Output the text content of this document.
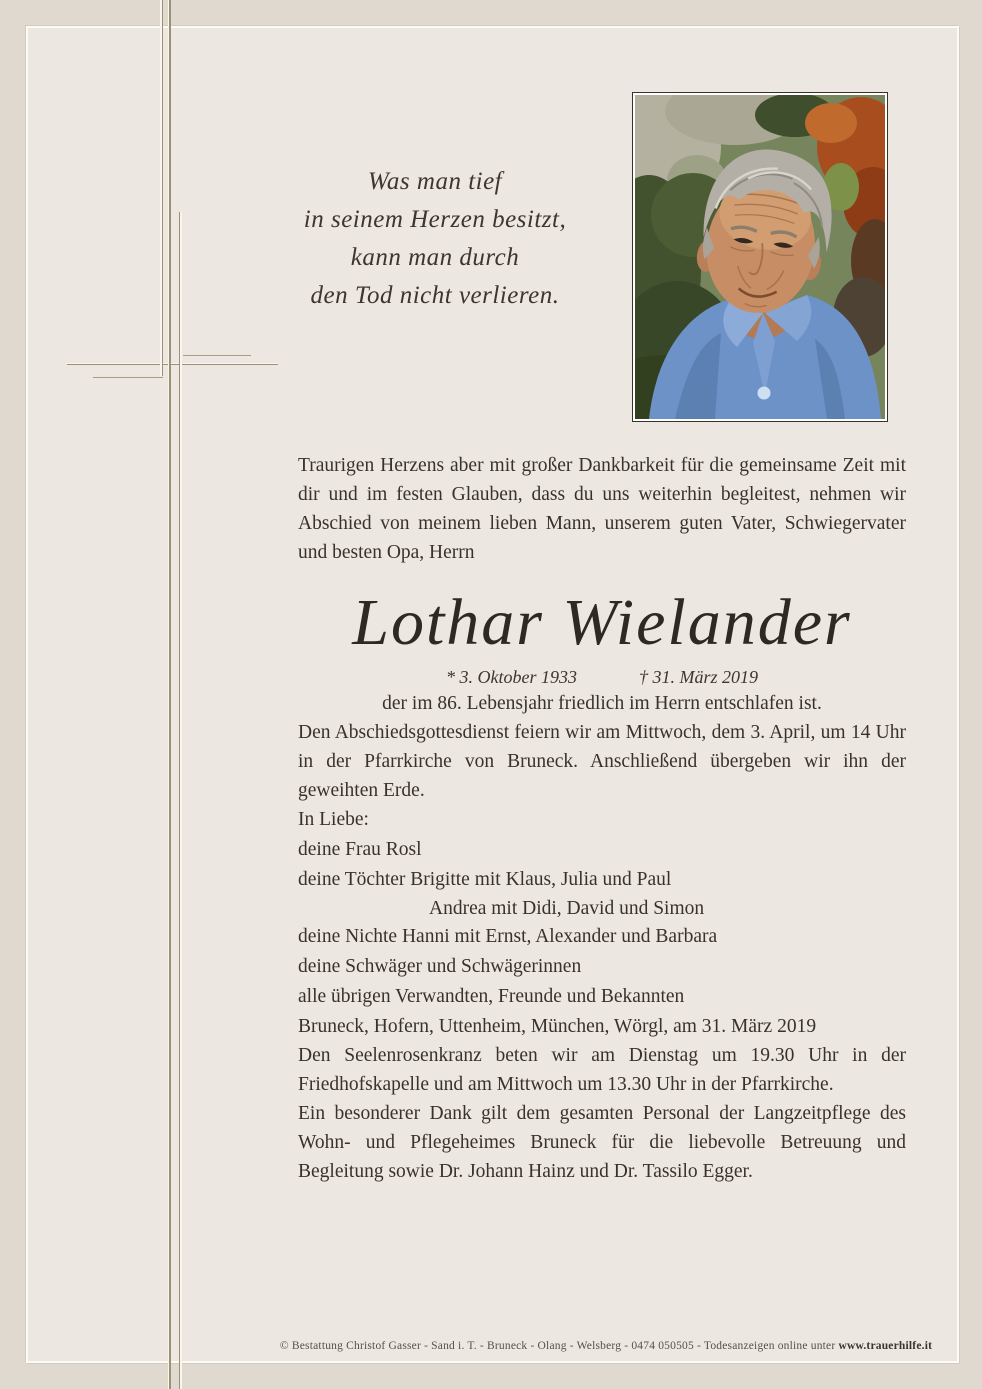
Was man tief
in seinem Herzen besitzt,
kann man durch
den Tod nicht verlieren.

Traurigen Herzens aber mit großer Dankbarkeit für die gemeinsame Zeit mit dir und im festen Glauben, dass du uns weiterhin begleitest, nehmen wir Abschied von meinem lieben Mann, unserem guten Vater, Schwiegervater und besten Opa, Herrn

Lothar Wielander
* 3. Oktober 1933	† 31. März 2019

der im 86. Lebensjahr friedlich im Herrn entschlafen ist.

Den Abschiedsgottesdienst feiern wir am Mittwoch, dem 3. April, um 14 Uhr in der Pfarrkirche von Bruneck. Anschließend übergeben wir ihn der geweihten Erde.

In Liebe:

deine Frau Rosl

deine Töchter Brigitte mit Klaus, Julia und Paul

Andrea mit Didi, David und Simon

deine Nichte Hanni mit Ernst, Alexander und Barbara

deine Schwäger und Schwägerinnen

alle übrigen Verwandten, Freunde und Bekannten

Bruneck, Hofern, Uttenheim, München, Wörgl, am 31. März 2019

Den Seelenrosenkranz beten wir am Dienstag um 19.30 Uhr in der Friedhofskapelle und am Mittwoch um 13.30 Uhr in der Pfarrkirche.

Ein besonderer Dank gilt dem gesamten Personal der Langzeitpflege des Wohn- und Pflegeheimes Bruneck für die liebevolle Betreuung und Begleitung sowie Dr. Johann Hainz und Dr. Tassilo Egger.

© Bestattung Christof Gasser - Sand i. T. - Bruneck - Olang - Welsberg - 0474 050505 - Todesanzeigen online unter www.trauerhilfe.it
